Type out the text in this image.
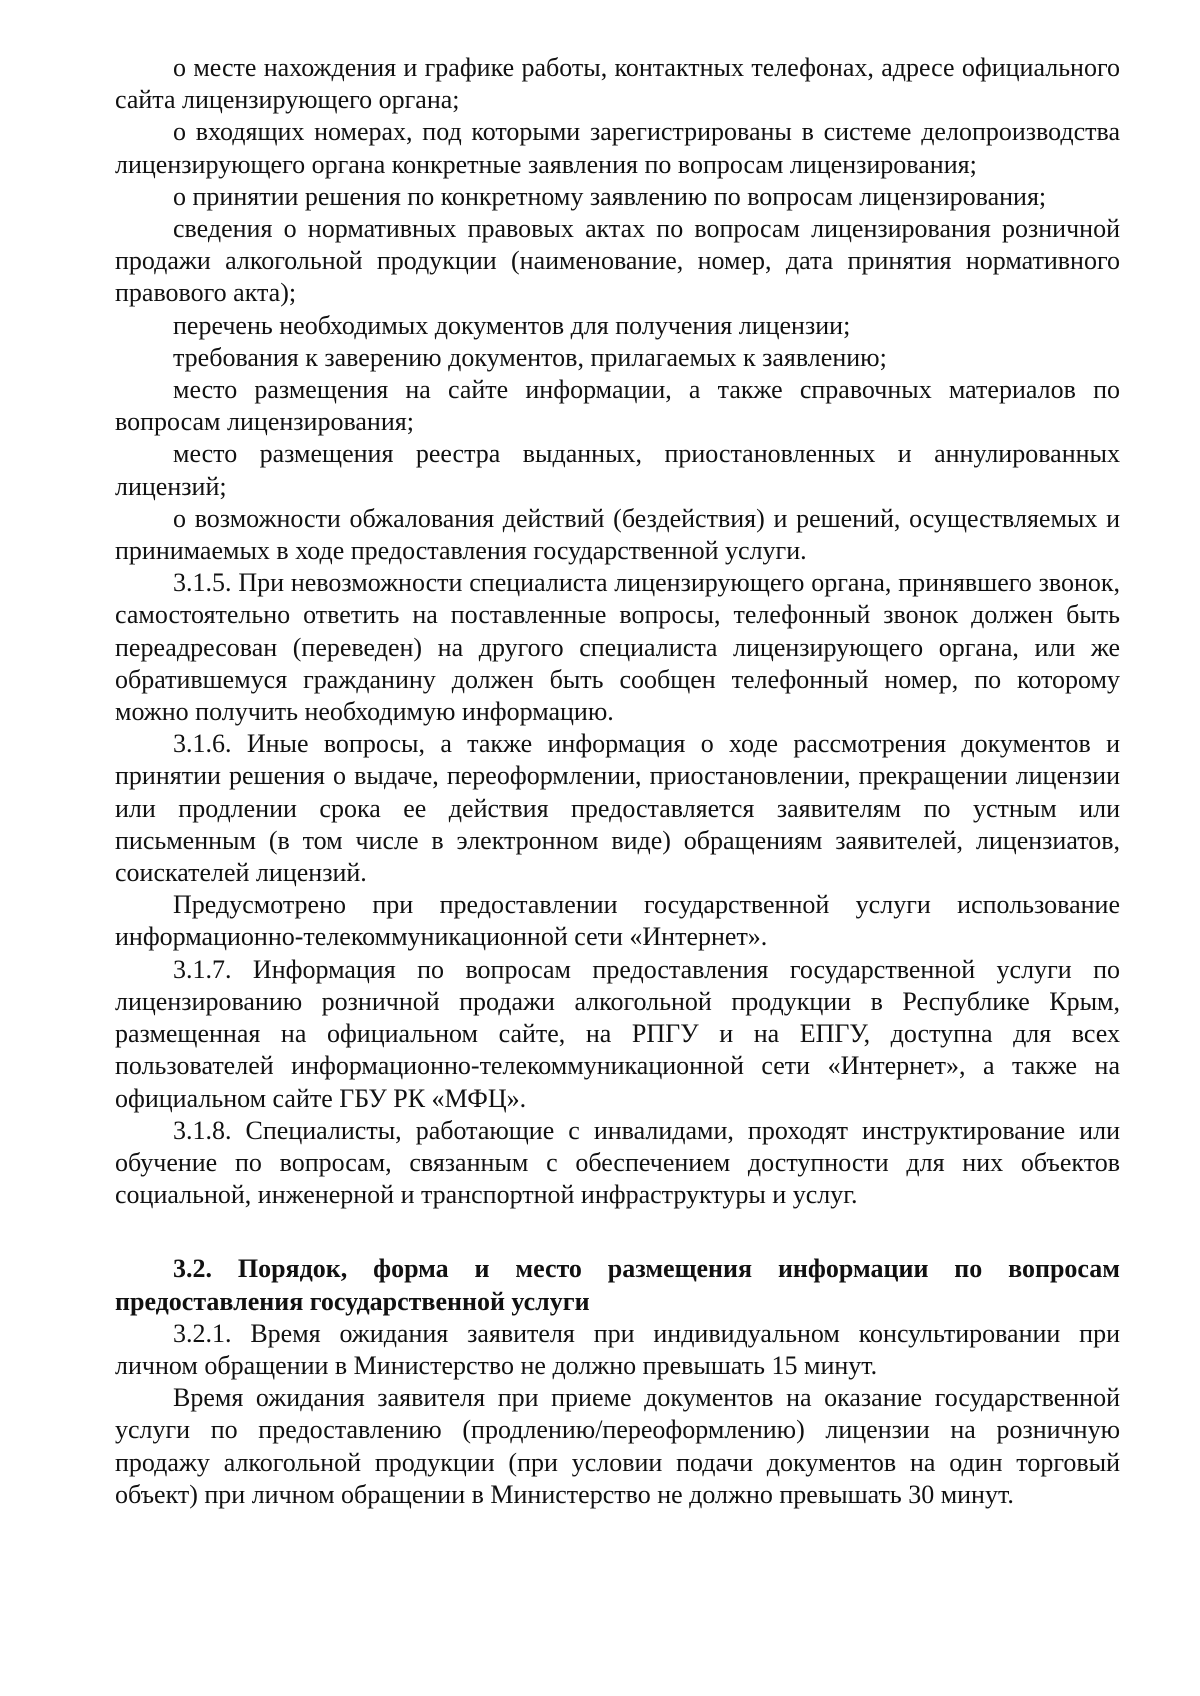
о месте нахождения и графике работы, контактных телефонах, адресе официального сайта лицензирующего органа;

о входящих номерах, под которыми зарегистрированы в системе делопроизводства лицензирующего органа конкретные заявления по вопросам лицензирования;

о принятии решения по конкретному заявлению по вопросам лицензирования;

сведения о нормативных правовых актах по вопросам лицензирования розничной продажи алкогольной продукции (наименование, номер, дата принятия нормативного правового акта);

перечень необходимых документов для получения лицензии;

требования к заверению документов, прилагаемых к заявлению;

место размещения на сайте информации, а также справочных материалов по вопросам лицензирования;

место размещения реестра выданных, приостановленных и аннулированных лицензий;

о возможности обжалования действий (бездействия) и решений, осуществляемых и принимаемых в ходе предоставления государственной услуги.

3.1.5. При невозможности специалиста лицензирующего органа, принявшего звонок, самостоятельно ответить на поставленные вопросы, телефонный звонок должен быть переадресован (переведен) на другого специалиста лицензирующего органа, или же обратившемуся гражданину должен быть сообщен телефонный номер, по которому можно получить необходимую информацию.

3.1.6. Иные вопросы, а также информация о ходе рассмотрения документов и принятии решения о выдаче, переоформлении, приостановлении, прекращении лицензии или продлении срока ее действия предоставляется заявителям по устным или письменным (в том числе в электронном виде) обращениям заявителей, лицензиатов, соискателей лицензий.

Предусмотрено при предоставлении государственной услуги использование информационно-телекоммуникационной сети «Интернет».

3.1.7. Информация по вопросам предоставления государственной услуги по лицензированию розничной продажи алкогольной продукции в Республике Крым, размещенная на официальном сайте, на РПГУ и на ЕПГУ, доступна для всех пользователей информационно-телекоммуникационной сети «Интернет», а также на официальном сайте ГБУ РК «МФЦ».

3.1.8. Специалисты, работающие с инвалидами, проходят инструктирование или обучение по вопросам, связанным с обеспечением доступности для них объектов социальной, инженерной и транспортной инфраструктуры и услуг.

3.2. Порядок, форма и место размещения информации по вопросам предоставления государственной услуги

3.2.1. Время ожидания заявителя при индивидуальном консультировании при личном обращении в Министерство не должно превышать 15 минут.

Время ожидания заявителя при приеме документов на оказание государственной услуги по предоставлению (продлению/переоформлению) лицензии на розничную продажу алкогольной продукции (при условии подачи документов на один торговый объект) при личном обращении в Министерство не должно превышать 30 минут.
